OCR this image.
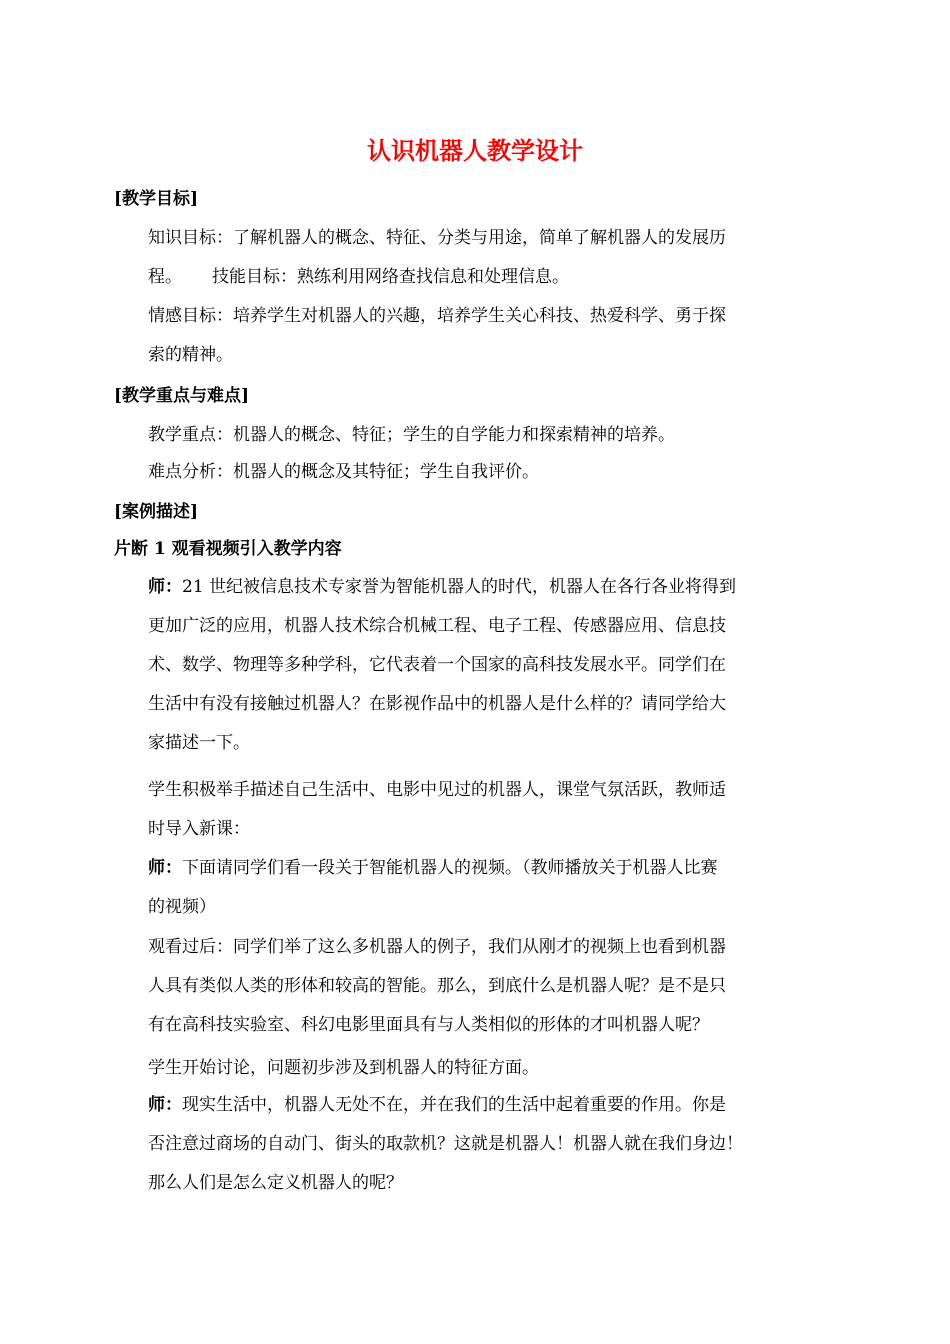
认识机器人教学设计
[教学目标]
知识目标：了解机器人的概念、特征、分类与用途，简单了解机器人的发展历
程。 技能目标：熟练利用网络查找信息和处理信息。
情感目标：培养学生对机器人的兴趣，培养学生关心科技、热爱科学、勇于探
索的精神。
[教学重点与难点]
教学重点：机器人的概念、特征；学生的自学能力和探索精神的培养。
难点分析：机器人的概念及其特征；学生自我评价。
[案例描述]
片断 1 观看视频引入教学内容
师：21 世纪被信息技术专家誉为智能机器人的时代，机器人在各行各业将得到
更加广泛的应用，机器人技术综合机械工程、电子工程、传感器应用、信息技
术、数学、物理等多种学科，它代表着一个国家的高科技发展水平。同学们在
生活中有没有接触过机器人？在影视作品中的机器人是什么样的？请同学给大
家描述一下。
学生积极举手描述自己生活中、电影中见过的机器人，课堂气氛活跃，教师适
时导入新课：
师：下面请同学们看一段关于智能机器人的视频。（教师播放关于机器人比赛
的视频）
观看过后：同学们举了这么多机器人的例子，我们从刚才的视频上也看到机器
人具有类似人类的形体和较高的智能。那么，到底什么是机器人呢？是不是只
有在高科技实验室、科幻电影里面具有与人类相似的形体的才叫机器人呢？
学生开始讨论，问题初步涉及到机器人的特征方面。
师：现实生活中，机器人无处不在，并在我们的生活中起着重要的作用。你是
否注意过商场的自动门、街头的取款机？这就是机器人！机器人就在我们身边！
那么人们是怎么定义机器人的呢？
